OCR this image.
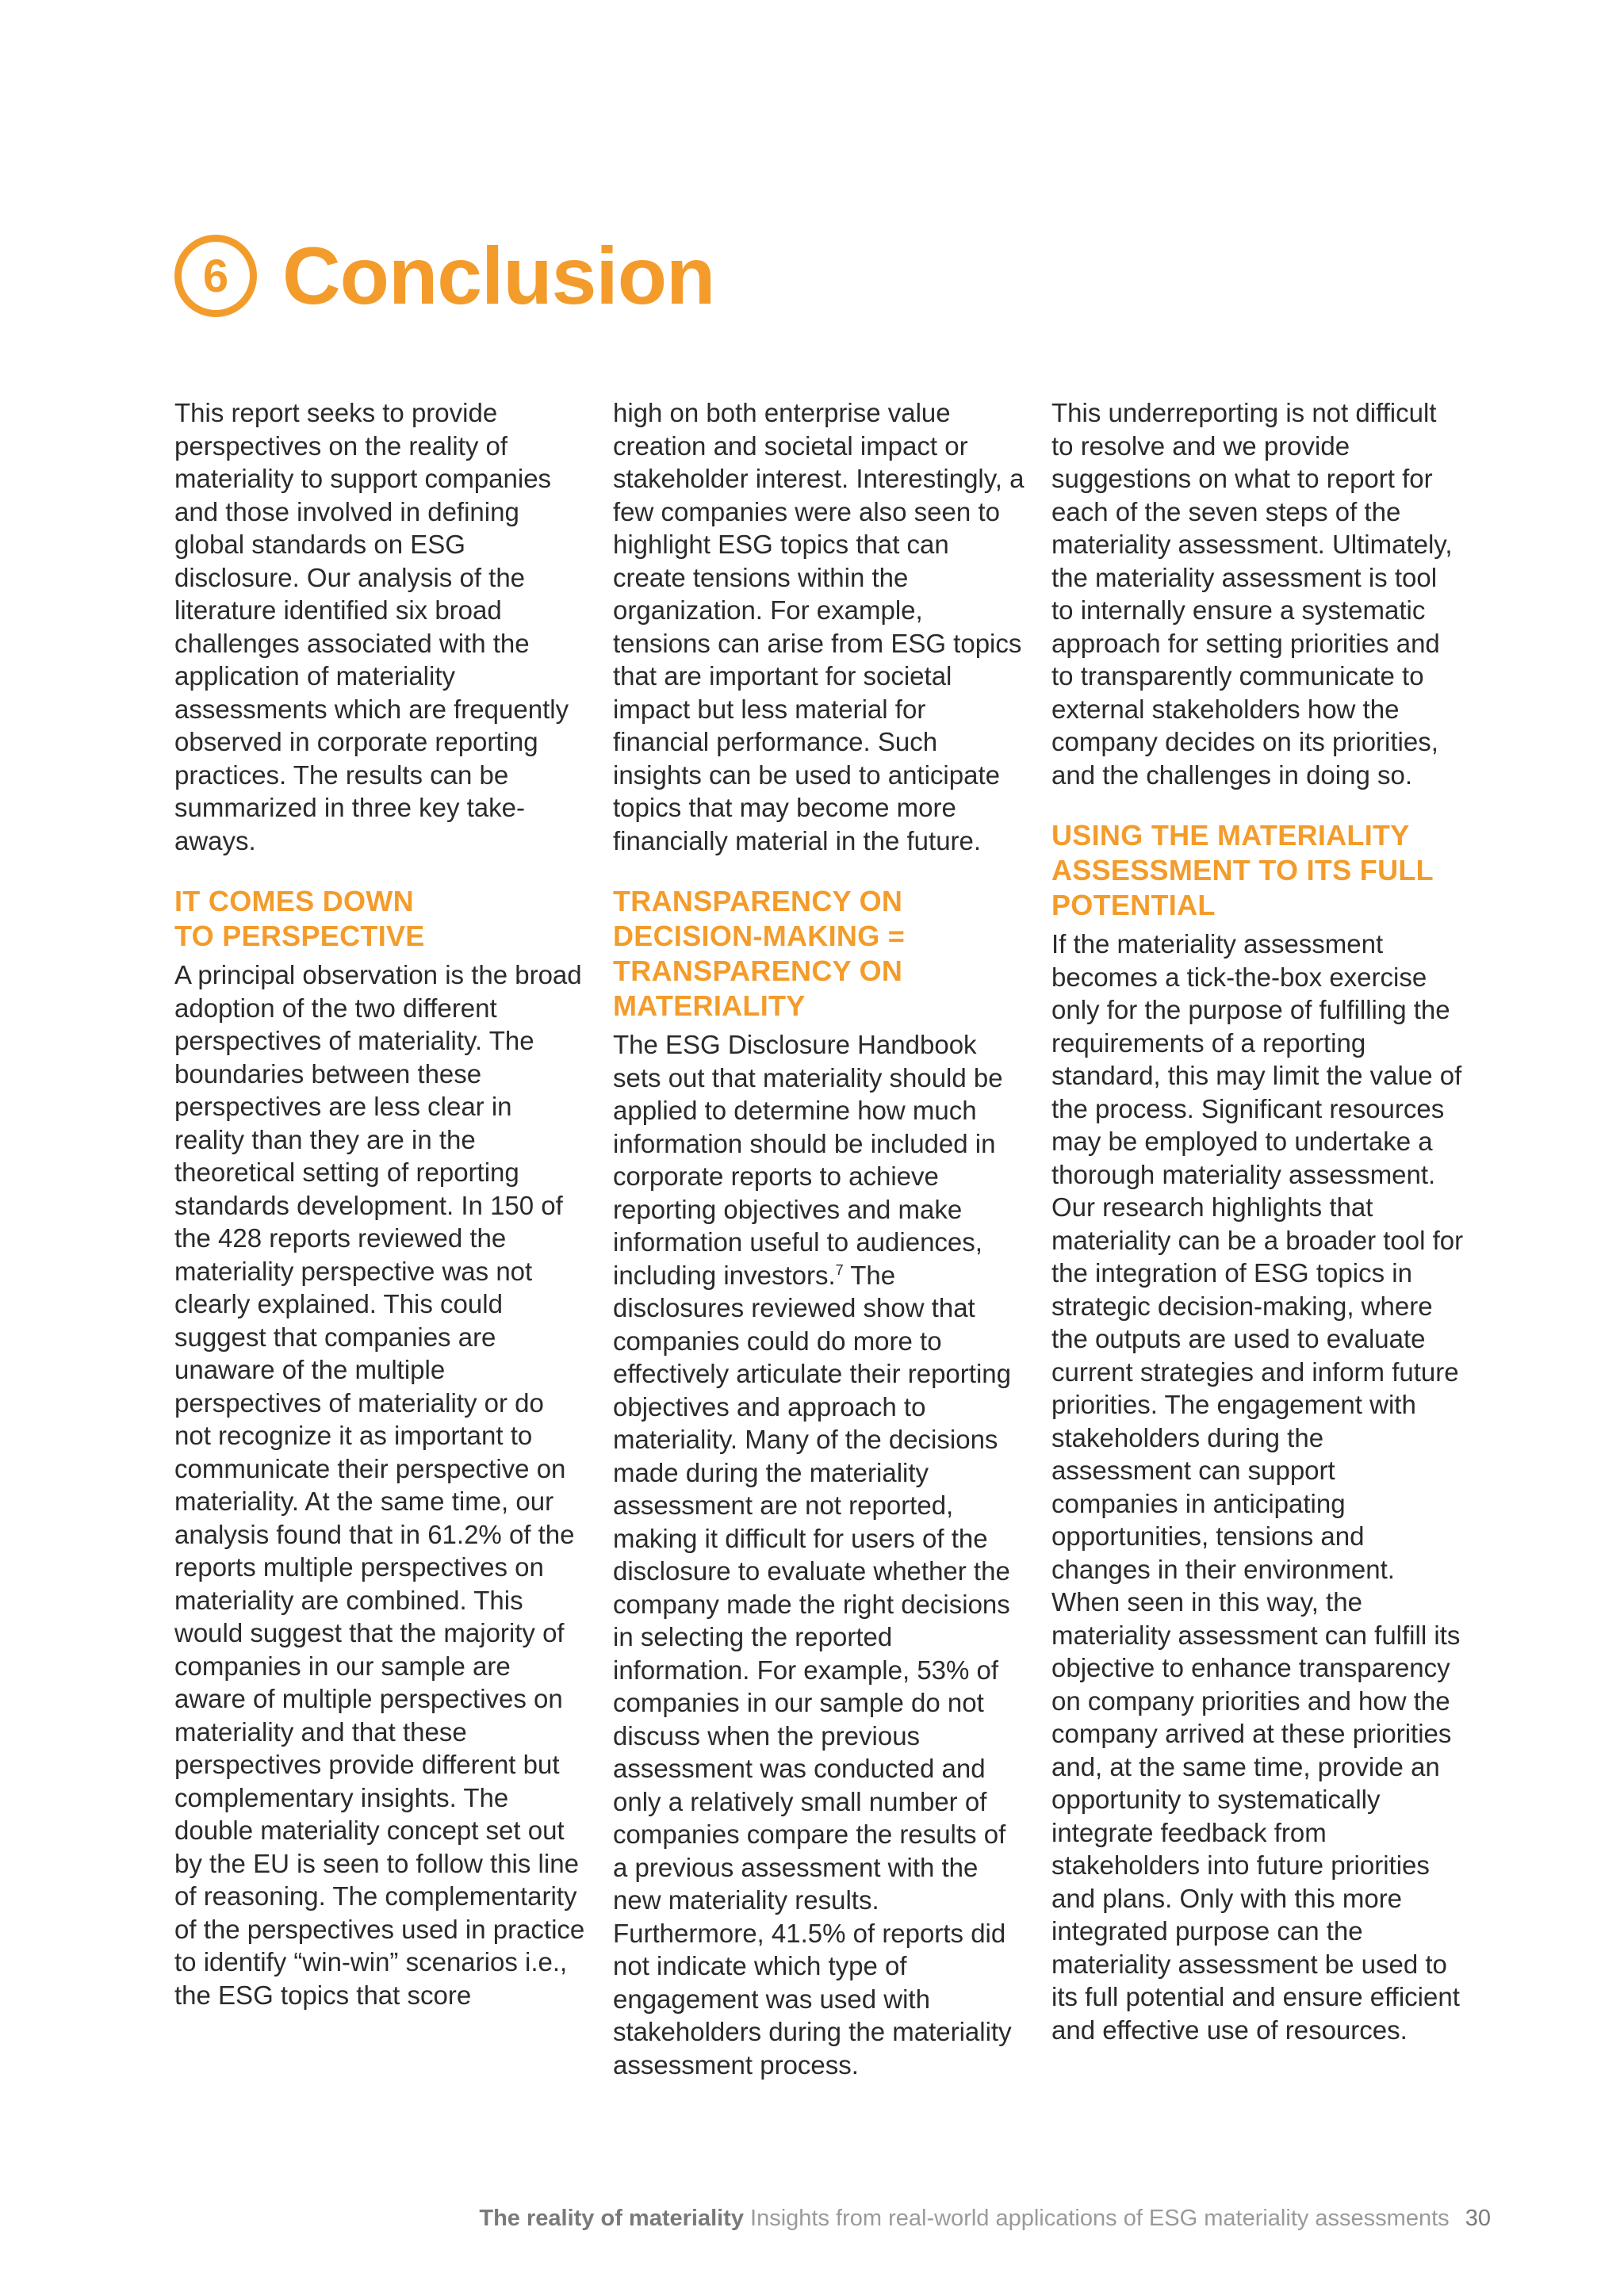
6 Conclusion

This report seeks to provide perspectives on the reality of materiality to support companies and those involved in defining global standards on ESG disclosure. Our analysis of the literature identified six broad challenges associated with the application of materiality assessments which are frequently observed in corporate reporting practices. The results can be summarized in three key take-aways.

IT COMES DOWN
TO PERSPECTIVE

A principal observation is the broad adoption of the two different perspectives of materiality. The boundaries between these perspectives are less clear in reality than they are in the theoretical setting of reporting standards development. In 150 of the 428 reports reviewed the materiality perspective was not clearly explained. This could suggest that companies are unaware of the multiple perspectives of materiality or do not recognize it as important to communicate their perspective on materiality. At the same time, our analysis found that in 61.2% of the reports multiple perspectives on materiality are combined. This would suggest that the majority of companies in our sample are aware of multiple perspectives on materiality and that these perspectives provide different but complementary insights. The double materiality concept set out by the EU is seen to follow this line of reasoning. The complementarity of the perspectives used in practice to identify “win-win” scenarios i.e., the ESG topics that score

high on both enterprise value creation and societal impact or stakeholder interest. Interestingly, a few companies were also seen to highlight ESG topics that can create tensions within the organization. For example, tensions can arise from ESG topics that are important for societal impact but less material for financial performance. Such insights can be used to anticipate topics that may become more financially material in the future.

TRANSPARENCY ON
DECISION-MAKING =
TRANSPARENCY ON
MATERIALITY

The ESG Disclosure Handbook sets out that materiality should be applied to determine how much information should be included in corporate reports to achieve reporting objectives and make information useful to audiences, including investors.$^7$ The disclosures reviewed show that companies could do more to effectively articulate their reporting objectives and approach to materiality. Many of the decisions made during the materiality assessment are not reported, making it difficult for users of the disclosure to evaluate whether the company made the right decisions in selecting the reported information. For example, 53% of companies in our sample do not discuss when the previous assessment was conducted and only a relatively small number of companies compare the results of a previous assessment with the new materiality results. Furthermore, 41.5% of reports did not indicate which type of engagement was used with stakeholders during the materiality assessment process.

This underreporting is not difficult to resolve and we provide suggestions on what to report for each of the seven steps of the materiality assessment. Ultimately, the materiality assessment is tool to internally ensure a systematic approach for setting priorities and to transparently communicate to external stakeholders how the company decides on its priorities, and the challenges in doing so.

USING THE MATERIALITY
ASSESSMENT TO ITS FULL
POTENTIAL

If the materiality assessment becomes a tick-the-box exercise only for the purpose of fulfilling the requirements of a reporting standard, this may limit the value of the process. Significant resources may be employed to undertake a thorough materiality assessment. Our research highlights that materiality can be a broader tool for the integration of ESG topics in strategic decision-making, where the outputs are used to evaluate current strategies and inform future priorities. The engagement with stakeholders during the assessment can support companies in anticipating opportunities, tensions and changes in their environment. When seen in this way, the materiality assessment can fulfill its objective to enhance transparency on company priorities and how the company arrived at these priorities and, at the same time, provide an opportunity to systematically integrate feedback from stakeholders into future priorities and plans. Only with this more integrated purpose can the materiality assessment be used to its full potential and ensure efficient and effective use of resources.

The reality of materiality Insights from real-world applications of ESG materiality assessments 30
